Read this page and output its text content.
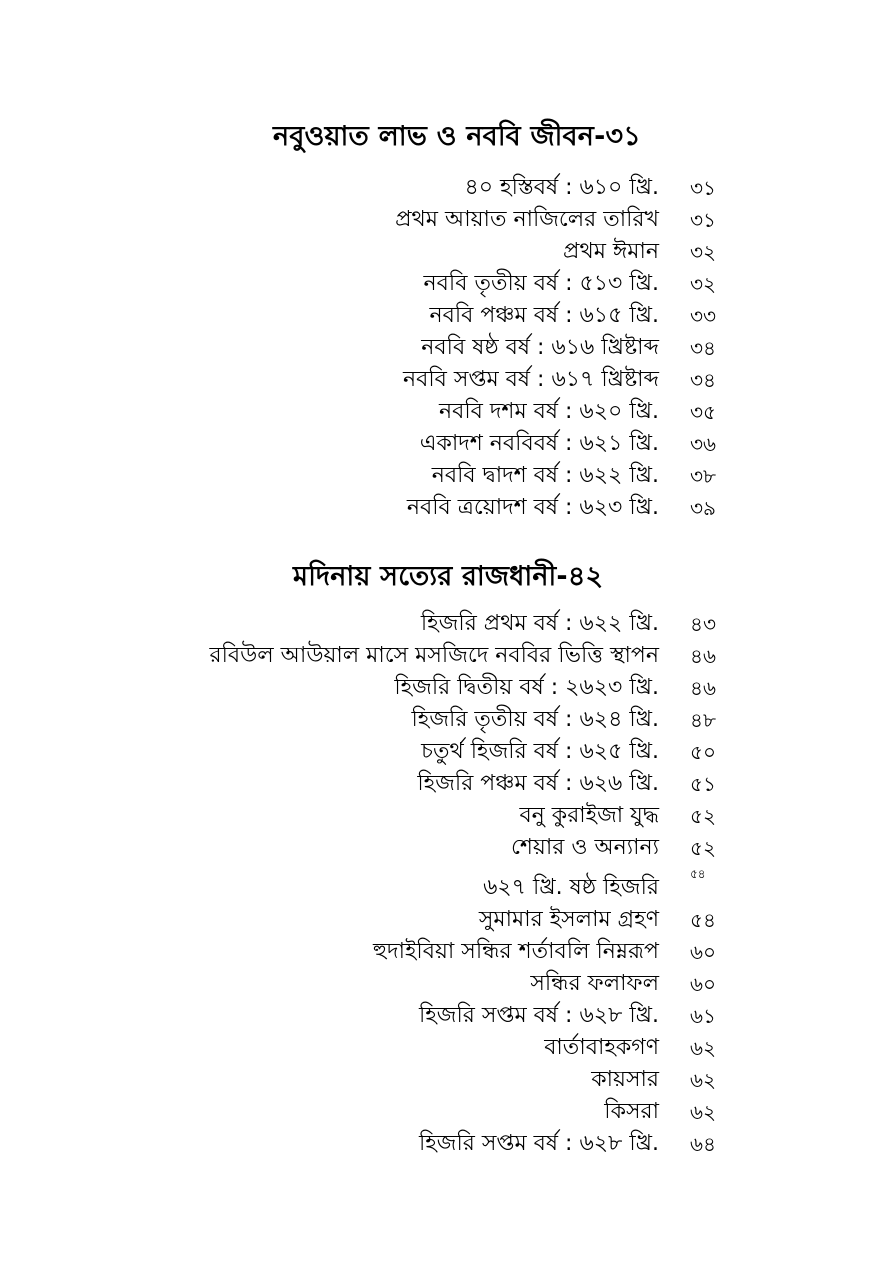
নবুওয়াত লাভ ও নববি জীবন-৩১
৪০ হস্তিবর্ষ : ৬১০ খ্রি. ৩১
প্রথম আয়াত নাজিলের তারিখ ৩১
প্রথম ঈমান ৩২
নববি তৃতীয় বর্ষ : ৫১৩ খ্রি. ৩২
নববি পঞ্চম বর্ষ : ৬১৫ খ্রি. ৩৩
নববি ষষ্ঠ বর্ষ : ৬১৬ খ্রিষ্টাব্দ ৩৪
নববি সপ্তম বর্ষ : ৬১৭ খ্রিষ্টাব্দ ৩৪
নববি দশম বর্ষ : ৬২০ খ্রি. ৩৫
একাদশ নববিবর্ষ : ৬২১ খ্রি. ৩৬
নববি দ্বাদশ বর্ষ : ৬২২ খ্রি. ৩৮
নববি ত্রয়োদশ বর্ষ : ৬২৩ খ্রি. ৩৯
মদিনায় সত্যের রাজধানী-৪২
হিজরি প্রথম বর্ষ : ৬২২ খ্রি. ৪৩
রবিউল আউয়াল মাসে মসজিদে নববির ভিত্তি স্থাপন ৪৬
হিজরি দ্বিতীয় বর্ষ : ২৬২৩ খ্রি. ৪৬
হিজরি তৃতীয় বর্ষ : ৬২৪ খ্রি. ৪৮
চতুর্থ হিজরি বর্ষ : ৬২৫ খ্রি. ৫০
হিজরি পঞ্চম বর্ষ : ৬২৬ খ্রি. ৫১
বনু কুরাইজা যুদ্ধ ৫২
শেয়ার ও অন্যান্য ৫২
৬২৭ খ্রি. ষষ্ঠ হিজরি
৫৪
সুমামার ইসলাম গ্রহণ ৫৪
হুদাইবিয়া সন্ধির শর্তাবলি নিম্নরূপ ৬০
সন্ধির ফলাফল ৬০
হিজরি সপ্তম বর্ষ : ৬২৮ খ্রি. ৬১
বার্তাবাহকগণ ৬২
কায়সার ৬২
কিসরা ৬২
হিজরি সপ্তম বর্ষ : ৬২৮ খ্রি. ৬৪
